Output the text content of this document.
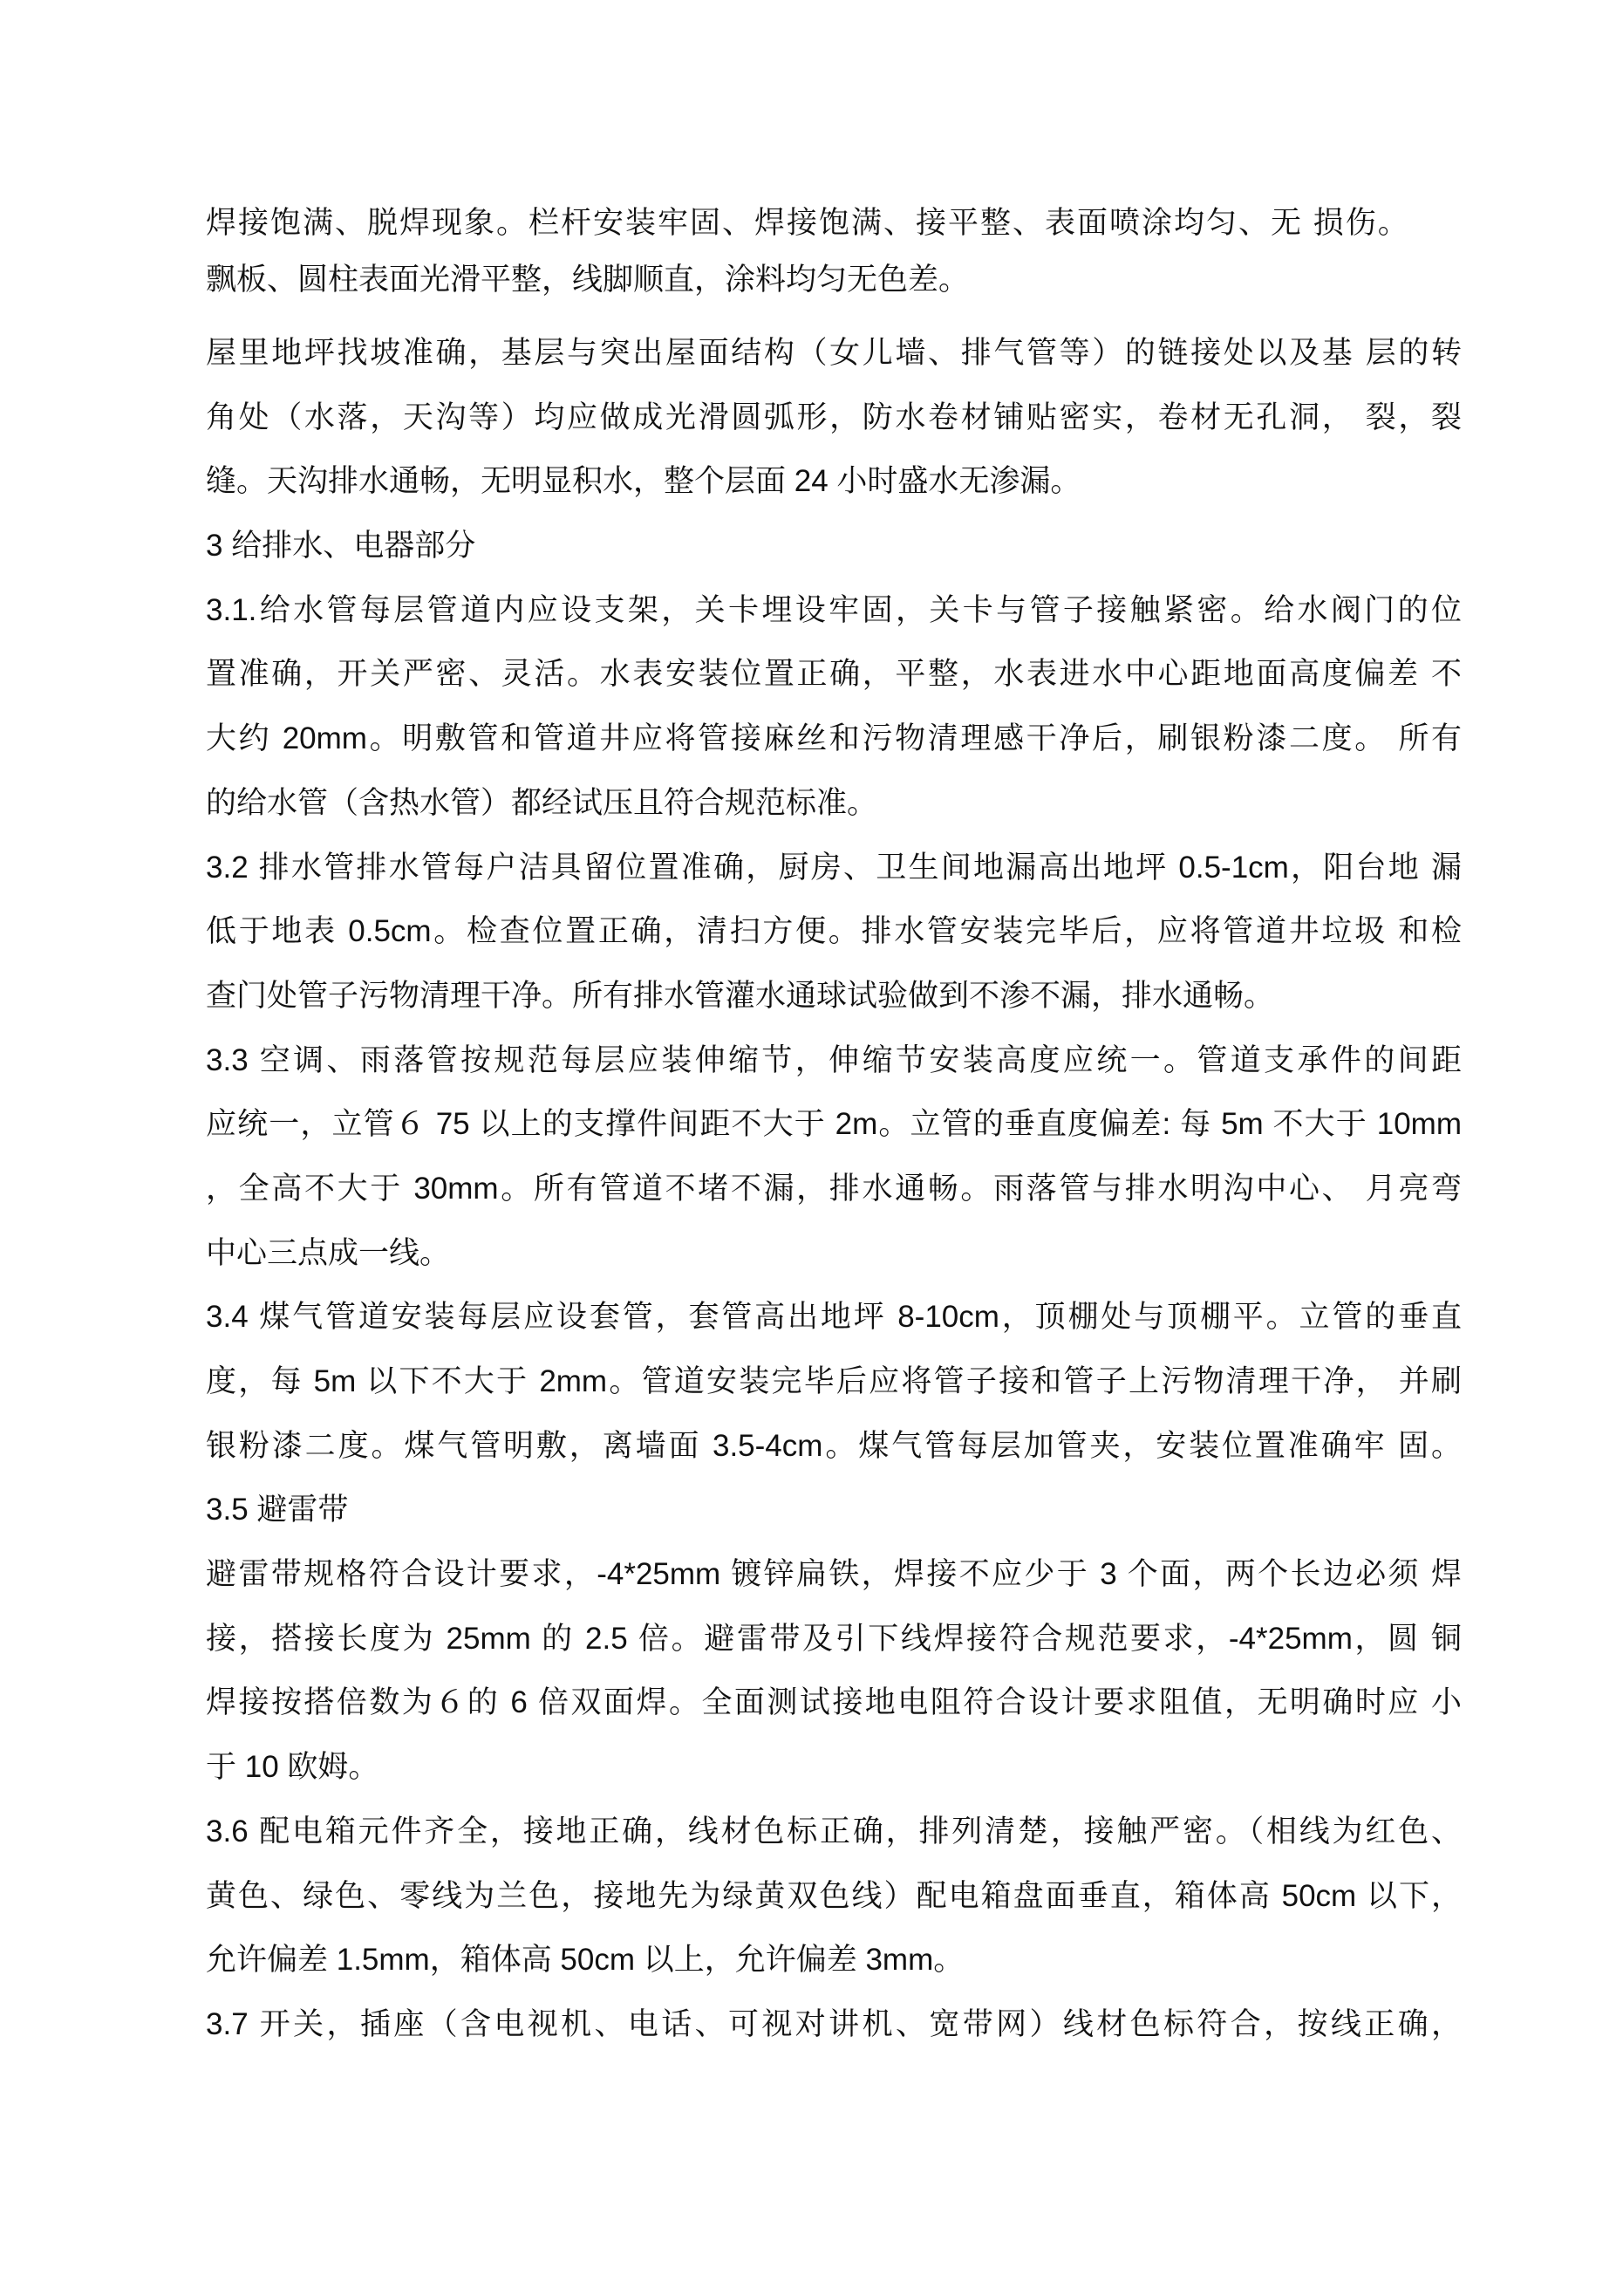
焊接饱满、脱焊现象。栏杆安装牢固、焊接饱满、接平整、表面喷涂均匀、无 损伤。
飘板、圆柱表面光滑平整，线脚顺直，涂料均匀无色差。
屋里地坪找坡准确，基层与突出屋面结构（女儿墙、排气管等）的链接处以及基 层的转
角处（水落，天沟等）均应做成光滑圆弧形，防水卷材铺贴密实，卷材无孔洞， 裂，裂
缝。天沟排水通畅，无明显积水，整个层面 24 小时盛水无渗漏。
3 给排水、电器部分
3.1.给水管每层管道内应设支架，关卡埋设牢固，关卡与管子接触紧密。给水阀门的位
置准确，开关严密、灵活。水表安装位置正确，平整，水表进水中心距地面高度偏差 不
大约 20mm。明敷管和管道井应将管接麻丝和污物清理感干净后，刷银粉漆二度。 所有
的给水管（含热水管）都经试压且符合规范标准。
3.2 排水管排水管每户洁具留位置准确，厨房、卫生间地漏高出地坪 0.5-1cm，阳台地 漏
低于地表 0.5cm。检查位置正确，清扫方便。排水管安装完毕后，应将管道井垃圾 和检
查门处管子污物清理干净。所有排水管灌水通球试验做到不渗不漏，排水通畅。
3.3 空调、雨落管按规范每层应装伸缩节，伸缩节安装高度应统一。管道支承件的间距
应统一，立管６ 75 以上的支撑件间距不大于 2m。立管的垂直度偏差: 每 5m 不大于 10mm
，全高不大于 30mm。所有管道不堵不漏，排水通畅。雨落管与排水明沟中心、 月亮弯
中心三点成一线。
3.4 煤气管道安装每层应设套管，套管高出地坪 8-10cm，顶棚处与顶棚平。立管的垂直
度，每 5m 以下不大于 2mm。管道安装完毕后应将管子接和管子上污物清理干净， 并刷
银粉漆二度。煤气管明敷，离墙面 3.5-4cm。煤气管每层加管夹，安装位置准确牢 固。
3.5 避雷带
避雷带规格符合设计要求，-4*25mm 镀锌扁铁，焊接不应少于 3 个面，两个长边必须 焊
接，搭接长度为 25mm 的 2.5 倍。避雷带及引下线焊接符合规范要求，-4*25mm，圆 铜
焊接按搭倍数为６的 6 倍双面焊。全面测试接地电阻符合设计要求阻值，无明确时应 小
于 10 欧姆。
3.6 配电箱元件齐全，接地正确，线材色标正确，排列清楚，接触严密。（相线为红色、
黄色、绿色、零线为兰色，接地先为绿黄双色线）配电箱盘面垂直，箱体高 50cm 以下，
允许偏差 1.5mm，箱体高 50cm 以上，允许偏差 3mm。
3.7 开关，插座（含电视机、电话、可视对讲机、宽带网）线材色标符合，按线正确，
